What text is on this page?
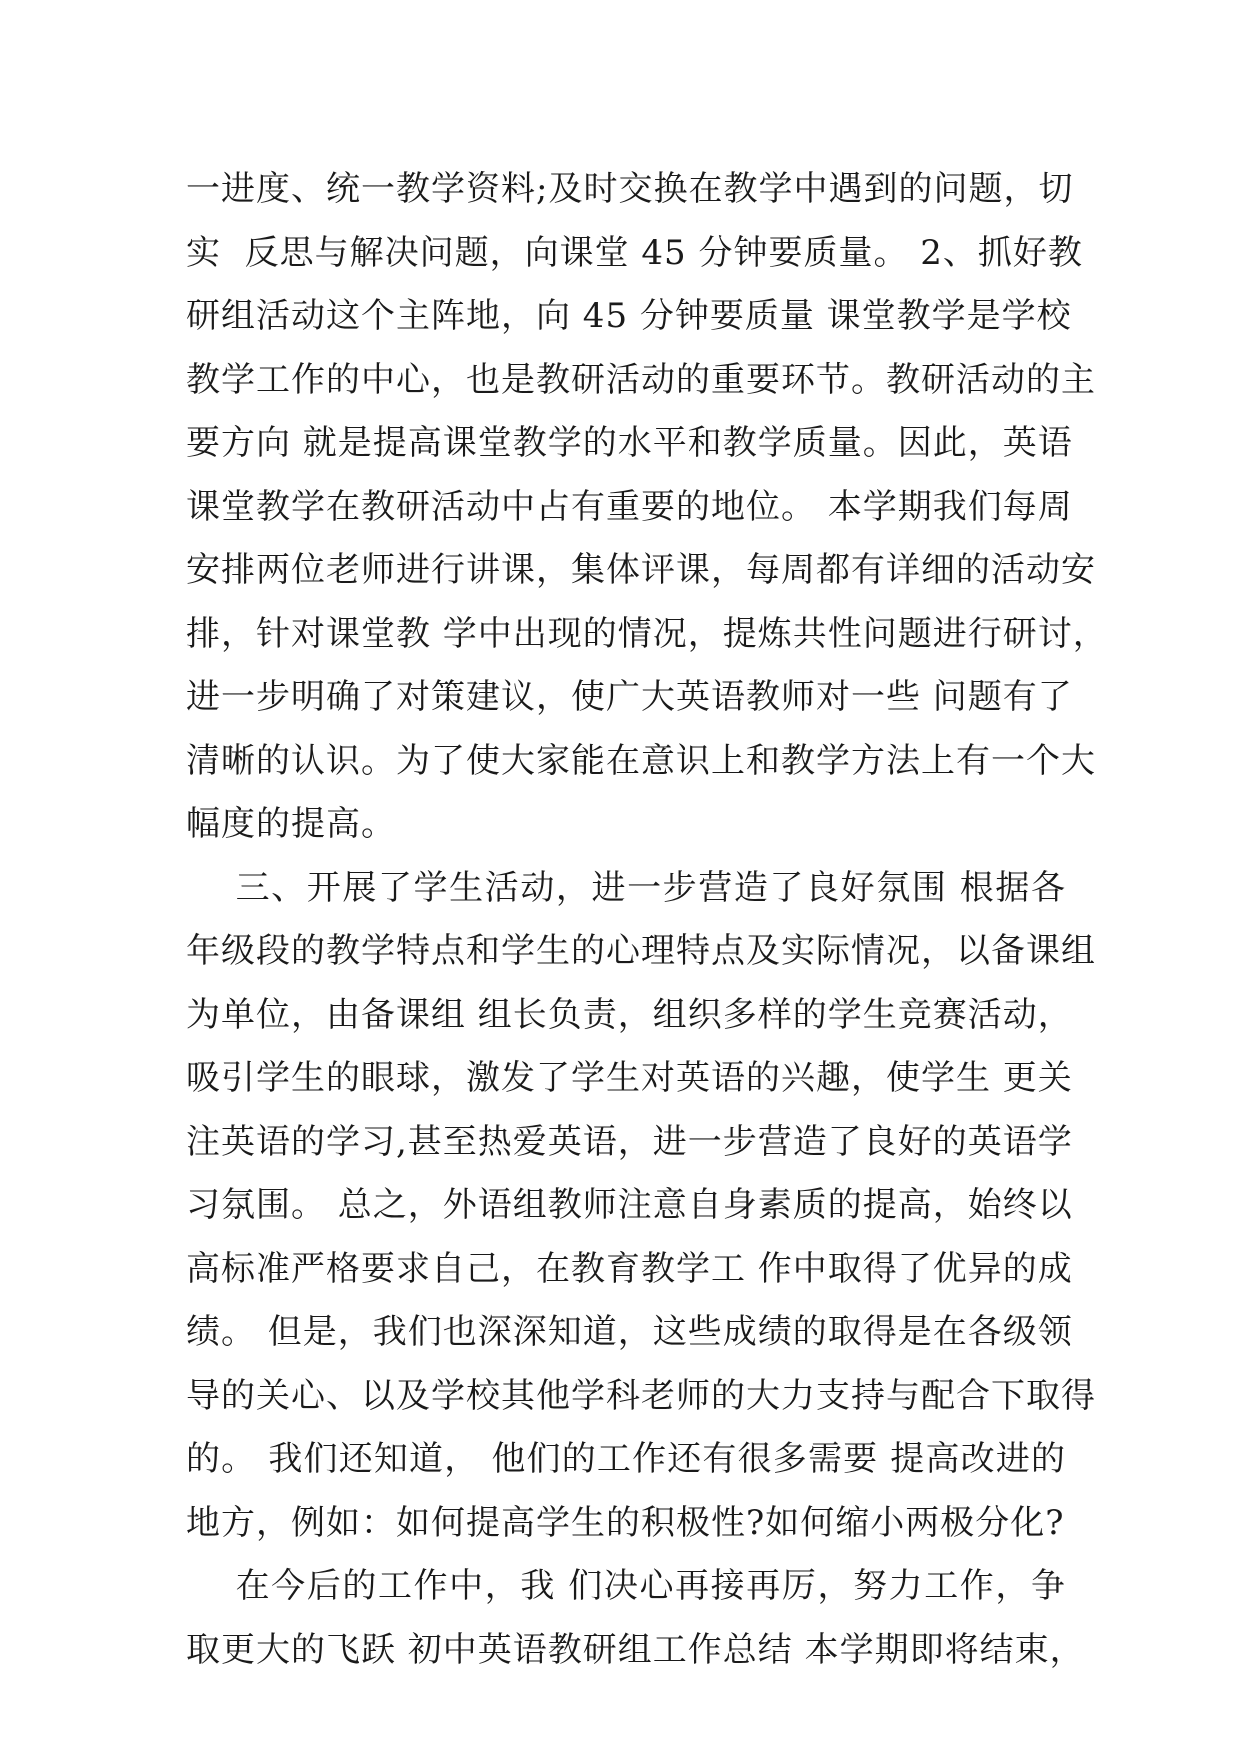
一进度、统一教学资料;及时交换在教学中遇到的问题，切
实  反思与解决问题，向课堂 45 分钟要质量。 2、抓好教
研组活动这个主阵地，向 45 分钟要质量 课堂教学是学校
教学工作的中心，也是教研活动的重要环节。教研活动的主
要方向 就是提高课堂教学的水平和教学质量。因此，英语
课堂教学在教研活动中占有重要的地位。 本学期我们每周
安排两位老师进行讲课，集体评课，每周都有详细的活动安
排，针对课堂教 学中出现的情况，提炼共性问题进行研讨，
进一步明确了对策建议，使广大英语教师对一些 问题有了
清晰的认识。为了使大家能在意识上和教学方法上有一个大
幅度的提高。
三、开展了学生活动，进一步营造了良好氛围 根据各
年级段的教学特点和学生的心理特点及实际情况，以备课组
为单位，由备课组 组长负责，组织多样的学生竞赛活动，
吸引学生的眼球，激发了学生对英语的兴趣，使学生 更关
注英语的学习,甚至热爱英语，进一步营造了良好的英语学
习氛围。 总之，外语组教师注意自身素质的提高，始终以
高标准严格要求自己，在教育教学工 作中取得了优异的成
绩。 但是，我们也深深知道，这些成绩的取得是在各级领
导的关心、以及学校其他学科老师的大力支持与配合下取得
的。 我们还知道， 他们的工作还有很多需要 提高改进的
地方，例如：如何提高学生的积极性?如何缩小两极分化?
在今后的工作中，我 们决心再接再厉，努力工作，争
取更大的飞跃 初中英语教研组工作总结 本学期即将结束，
